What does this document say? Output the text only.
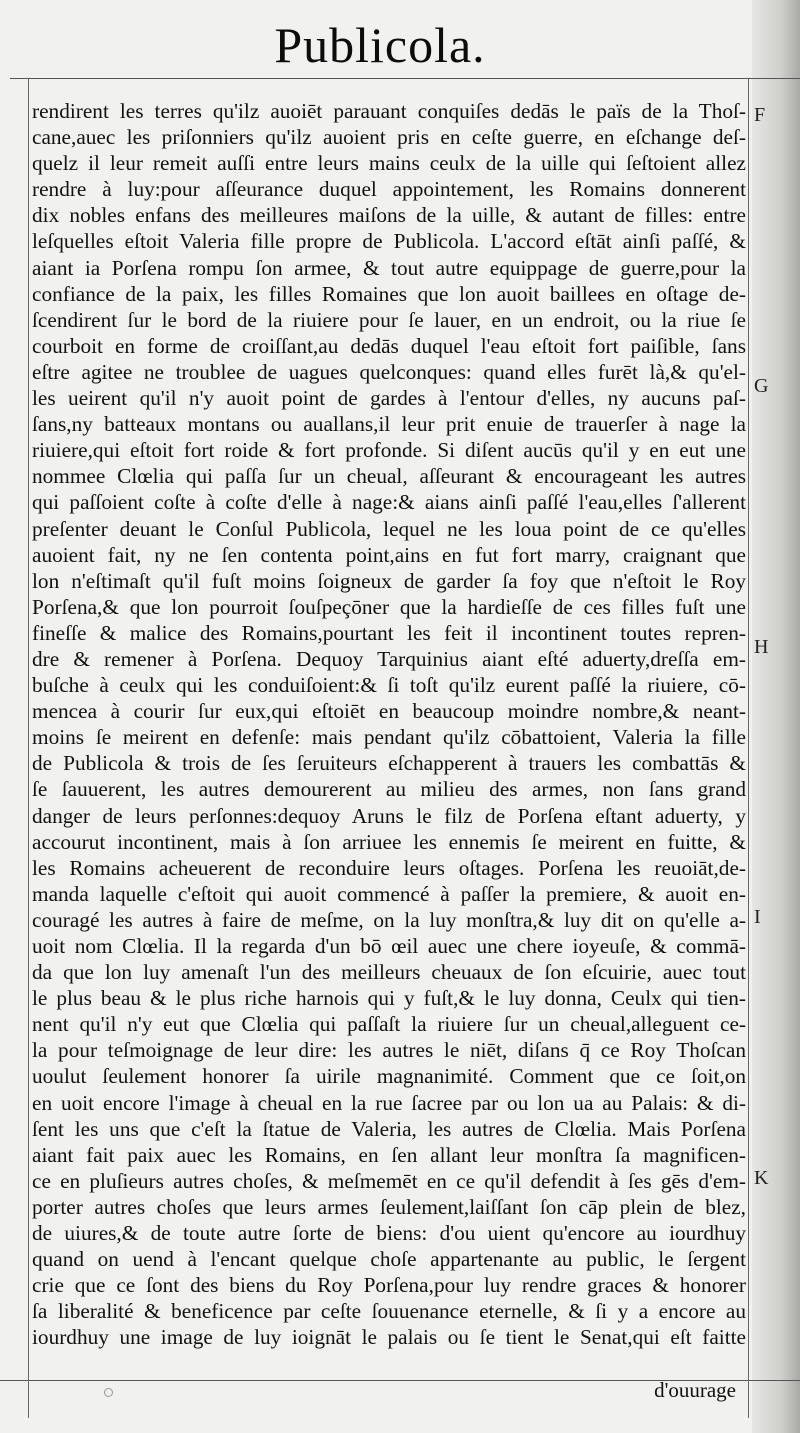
Publicola.
rendirent les terres qu'ilz auoiēt parauant conquiſes dedās le païs de la Thoſ-
cane,auec les priſonniers qu'ilz auoient pris en ceſte guerre, en eſchange deſ-
quelz il leur remeit auſſi entre leurs mains ceulx de la uille qui ſeſtoient allez
rendre à luy:pour aſſeurance duquel appointement, les Romains donnerent
dix nobles enfans des meilleures maiſons de la uille, & autant de filles: entre
leſquelles eſtoit Valeria fille propre de Publicola. L'accord eſtāt ainſi paſſé, &
aiant ia Porſena rompu ſon armee, & tout autre equippage de guerre,pour la
confiance de la paix, les filles Romaines que lon auoit baillees en oſtage de-
ſcendirent ſur le bord de la riuiere pour ſe lauer, en un endroit, ou la riue ſe
courboit en forme de croiſſant,au dedās duquel l'eau eſtoit fort paiſible, ſans
eſtre agitee ne troublee de uagues quelconques: quand elles furēt là,& qu'el-
les ueirent qu'il n'y auoit point de gardes à l'entour d'elles, ny aucuns paſ-
ſans,ny batteaux montans ou auallans,il leur prit enuie de trauerſer à nage la
riuiere,qui eſtoit fort roide & fort profonde. Si diſent aucūs qu'il y en eut une
nommee Clœlia qui paſſa ſur un cheual, aſſeurant & encourageant les autres
qui paſſoient coſte à coſte d'elle à nage:& aians ainſi paſſé l'eau,elles ſ'allerent
preſenter deuant le Conſul Publicola, lequel ne les loua point de ce qu'elles
auoient fait, ny ne ſen contenta point,ains en fut fort marry, craignant que
lon n'eſtimaſt qu'il fuſt moins ſoigneux de garder ſa foy que n'eſtoit le Roy
Porſena,& que lon pourroit ſouſpeçōner que la hardieſſe de ces filles fuſt une
fineſſe & malice des Romains,pourtant les feit il incontinent toutes repren-
dre & remener à Porſena. Dequoy Tarquinius aiant eſté aduerty,dreſſa em-
buſche à ceulx qui les conduiſoient:& ſi toſt qu'ilz eurent paſſé la riuiere, cō-
mencea à courir ſur eux,qui eſtoiēt en beaucoup moindre nombre,& neant-
moins ſe meirent en defenſe: mais pendant qu'ilz cōbattoient, Valeria la fille
de Publicola & trois de ſes ſeruiteurs eſchapperent à trauers les combattās &
ſe ſauuerent, les autres demourerent au milieu des armes, non ſans grand
danger de leurs perſonnes:dequoy Aruns le filz de Porſena eſtant aduerty, y
accourut incontinent, mais à ſon arriuee les ennemis ſe meirent en fuitte, &
les Romains acheuerent de reconduire leurs oſtages. Porſena les reuoiāt,de-
manda laquelle c'eſtoit qui auoit commencé à paſſer la premiere, & auoit en-
couragé les autres à faire de meſme, on la luy monſtra,& luy dit on qu'elle a-
uoit nom Clœlia. Il la regarda d'un bō œil auec une chere ioyeuſe, & commā-
da que lon luy amenaſt l'un des meilleurs cheuaux de ſon eſcuirie, auec tout
le plus beau & le plus riche harnois qui y fuſt,& le luy donna, Ceulx qui tien-
nent qu'il n'y eut que Clœlia qui paſſaſt la riuiere ſur un cheual,alleguent ce-
la pour teſmoignage de leur dire: les autres le niēt, diſans q̄ ce Roy Thoſcan
uoulut ſeulement honorer ſa uirile magnanimité. Comment que ce ſoit,on
en uoit encore l'image à cheual en la rue ſacree par ou lon ua au Palais: & di-
ſent les uns que c'eſt la ſtatue de Valeria, les autres de Clœlia. Mais Porſena
aiant fait paix auec les Romains, en ſen allant leur monſtra ſa magnificen-
ce en pluſieurs autres choſes, & meſmemēt en ce qu'il defendit à ſes gēs d'em-
porter autres choſes que leurs armes ſeulement,laiſſant ſon cāp plein de blez,
de uiures,& de toute autre ſorte de biens: d'ou uient qu'encore au iourdhuy
quand on uend à l'encant quelque choſe appartenante au public, le ſergent
crie que ce ſont des biens du Roy Porſena,pour luy rendre graces & honorer
ſa liberalité & beneficence par ceſte ſouuenance eternelle, & ſi y a encore au
iourdhuy une image de luy ioignāt le palais ou ſe tient le Senat,qui eſt faitte
F
G
H
I
K
d'ouurage
